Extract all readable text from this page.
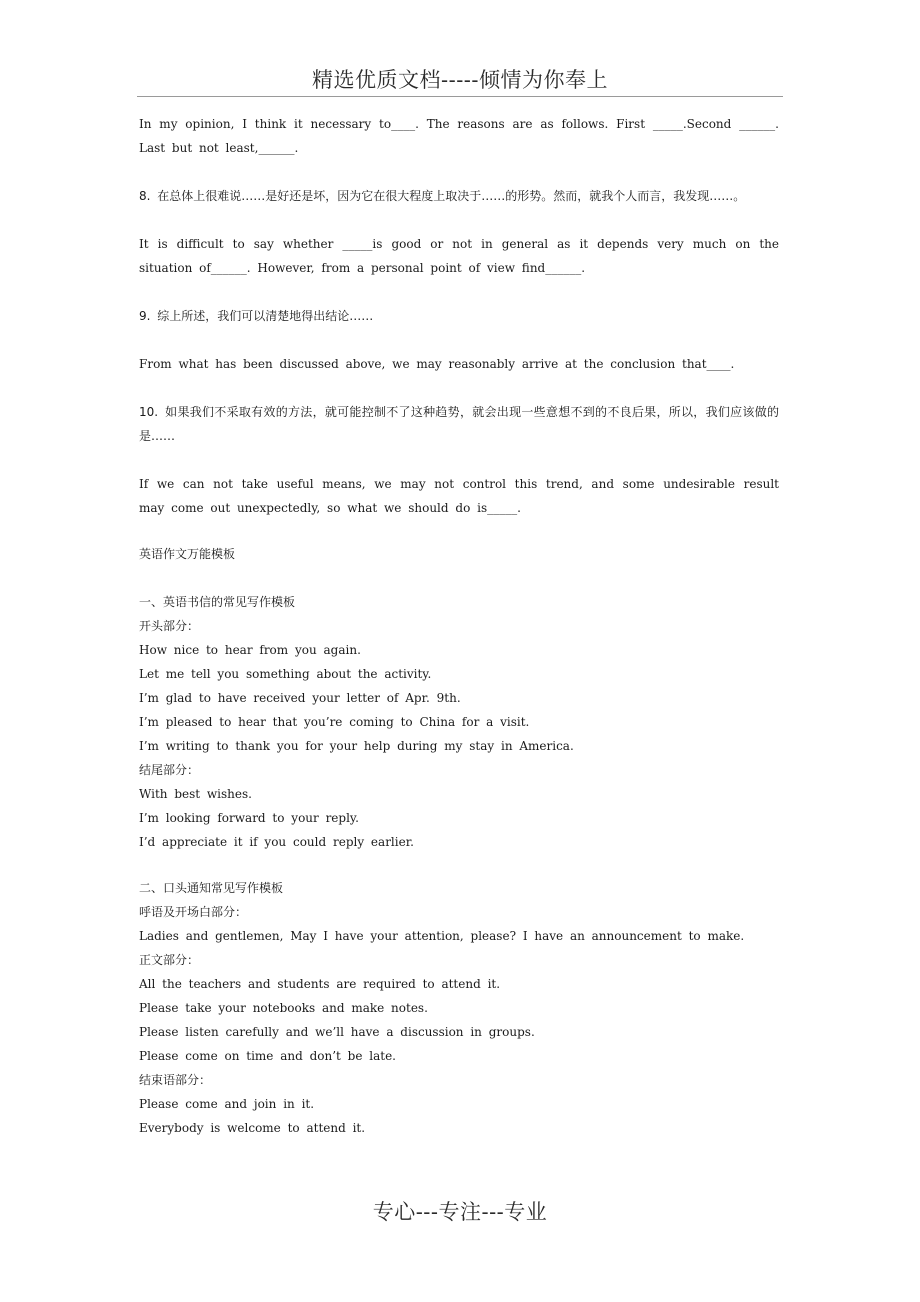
精选优质文档-----倾情为你奉上
In my opinion, I think it necessary to____. The reasons are as follows. First _____.Second ______. Last but not least,______.
8. 在总体上很难说……是好还是坏，因为它在很大程度上取决于……的形势。然而，就我个人而言，我发现……。
It is difficult to say whether _____is good or not in general as it depends very much on the situation of______. However, from a personal point of view find______.
9. 综上所述，我们可以清楚地得出结论……
From what has been discussed above, we may reasonably arrive at the conclusion that____.
10. 如果我们不采取有效的方法，就可能控制不了这种趋势，就会出现一些意想不到的不良后果，所以，我们应该做的是……
If we can not take useful means, we may not control this trend, and some undesirable result may come out unexpectedly, so what we should do is_____.
英语作文万能模板
一、英语书信的常见写作模板
开头部分：
How nice to hear from you again.
Let me tell you something about the activity.
I’m glad to have received your letter of Apr. 9th.
I’m pleased to hear that you’re coming to China for a visit.
I’m writing to thank you for your help during my stay in America.
结尾部分：
With best wishes.
I’m looking forward to your reply.
I’d appreciate it if you could reply earlier.
二、口头通知常见写作模板
呼语及开场白部分：
Ladies and gentlemen, May I have your attention, please? I have an announcement to make.
正文部分：
All the teachers and students are required to attend it.
Please take your notebooks and make notes.
Please listen carefully and we’ll have a discussion in groups.
Please come on time and don’t be late.
结束语部分：
Please come and join in it.
Everybody is welcome to attend it.
专心---专注---专业
